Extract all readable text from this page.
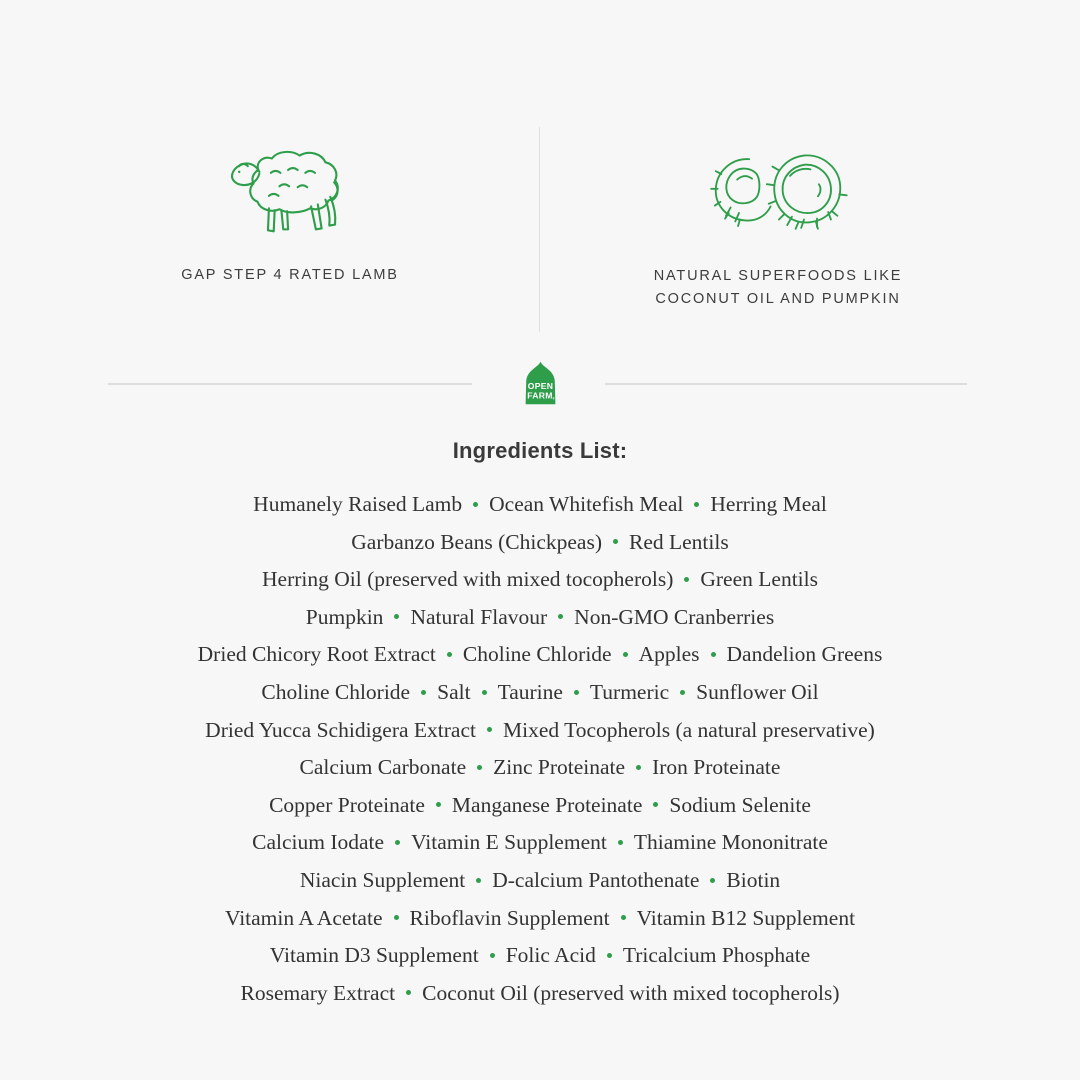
GAP STEP 4 RATED LAMB	NATURAL SUPERFOODS LIKE
COCONUT OIL AND PUMPKIN
OPEN
FARM ®
Ingredients List:
Humanely Raised Lamb Ocean Whitefish Meal Herring Meal
Garbanzo Beans (Chickpeas) Red Lentils
Herring Oil (preserved with mixed tocopherols) Green Lentils
Pumpkin Natural Flavour Non-GMO Cranberries
Dried Chicory Root Extract Choline Chloride Apples Dandelion Greens
Choline Chloride Salt Taurine Turmeric Sunflower Oil
Dried Yucca Schidigera Extract Mixed Tocopherols (a natural preservative)
Calcium Carbonate Zinc Proteinate Iron Proteinate
Copper Proteinate Manganese Proteinate Sodium Selenite
Calcium Iodate Vitamin E Supplement Thiamine Mononitrate
Niacin Supplement D-calcium Pantothenate Biotin
Vitamin A Acetate Riboflavin Supplement Vitamin B12 Supplement
Vitamin D3 Supplement Folic Acid Tricalcium Phosphate
Rosemary Extract Coconut Oil (preserved with mixed tocopherols)
